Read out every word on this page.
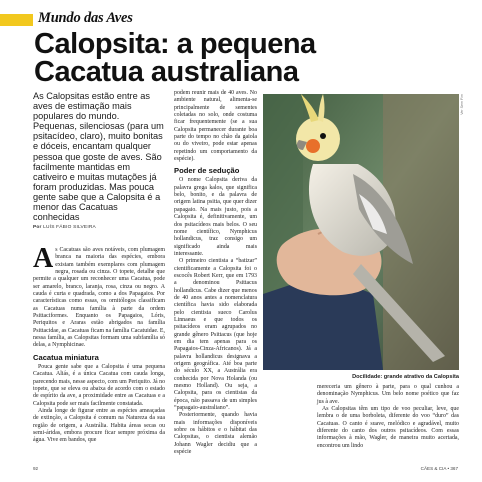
Mundo das Aves
Calopsita: a pequena
Cacatua australiana
As Calopsitas estão entre as aves de estimação mais populares do mundo. Pequenas, silenciosas (para um psitacídeo, claro), muito bonitas e dóceis, encantam qualquer pessoa que goste de aves. São facilmente mantidas em cativeiro e muitas mutações já foram produzidas. Mas pouca gente sabe que a Calopsita é a menor das Cacatuas conhecidas
Por LUÍS FÁBIO SILVEIRA
A s Cacatuas são aves notáveis, com plumagem branca na maioria das espécies, embora existam também exemplares com plumagem negra, rosada ou cinza. O topete, detalhe que permite a qualquer um reconhecer uma Cacatua, pode ser amarelo, branco, laranja, rosa, cinza ou negro. A cauda é curta e quadrada, como a dos Papagaios. Por características como essas, os ornitólogos classificam as Cacatuas numa família à parte da ordem Psittaciformes. Enquanto os Papagaios, Lóris, Periquitos e Araras estão abrigados na família Psittacidae, as Cacatuas ficam na família Cacatuidae. E, nessa família, as Calopsitas formam uma subfamília só delas, a Nymphicinae.

Cacatua miniatura

Pouca gente sabe que a Calopsita é uma pequena Cacatua. Aliás, é a única Cacatua com cauda longa, parecendo mais, nesse aspecto, com um Periquito. Já no topete, que se eleva ou abaixa de acordo com o estado de espírito da ave, a proximidade entre as Cacatuas e a Calopsita pode ser mais facilmente constatada.

Ainda longe de figurar entre as espécies ameaçadas de extinção, a Calopsita é comum na Natureza da sua região de origem, a Austrália. Habita áreas secas ou semi-áridas, embora procure ficar sempre próxima da água. Vive em bandos, que

podem reunir mais de 40 aves. No ambiente natural, alimenta-se principalmente de sementes coletadas no solo, onde costuma ficar frequentemente (se a sua Calopsita permanecer durante boa parte do tempo no chão da gaiola ou do viveiro, pode estar apenas repetindo um comportamento da espécie).

Poder de sedução

O nome Calopsita deriva da palavra grega kalos, que significa belo, bonito, e da palavra de origem latina psitta, que quer dizer papagaio. Na mais justo, pois a Calopsita é, definitivamente, um dos psitacídeos mais belos. O seu nome científico, Nymphicus hollandicus, traz consigo um significado ainda mais interessante.

O primeiro cientista a “batizar” cientificamente a Calopsita foi o escocês Robert Kerr, que em 1793 a denominou Psittacus hollandicus. Cabe dizer que menos de 40 anos antes a nomenclatura científica havia sido elaborada pelo cientista sueco Carolus Linnaeus e que todos os psitacídeos eram agrupados no grande gênero Psittacus (que hoje em dia tem apenas para os Papagaios-Cinza-Africanos). Já a palavra hollandicus designava a origem geográfica. Até boa parte do século XX, a Austrália era conhecida por Nova Holanda (ou mesmo Holland). Ou seja, a Calopsita, para os cientistas da época, não passava de um simples “papagaio-australiano”.

Posteriormente, quando havia mais informações disponíveis sobre os hábitos e o hábitat das Calopsitas, o cientista alemão Johann Wagler decidiu que a espécie

Ver Sem Fim
Docilidade: grande atrativo da Calopsita

mereceria um gênero à parte, para o qual cunhou a denominação Nymphicus. Um belo nome poético que faz jus à ave.

As Calopsitas têm um tipo de voo peculiar, leve, que lembra o de uma borboleta, diferente do voo “duro” das Cacatuas. O canto é suave, melódico e agradável, muito diferente do canto dos outros psitacídeos. Com essas informações à mão, Wagler, de maneira muito acertada, encontrou um lindo

92	CÃES & CIA • 367
